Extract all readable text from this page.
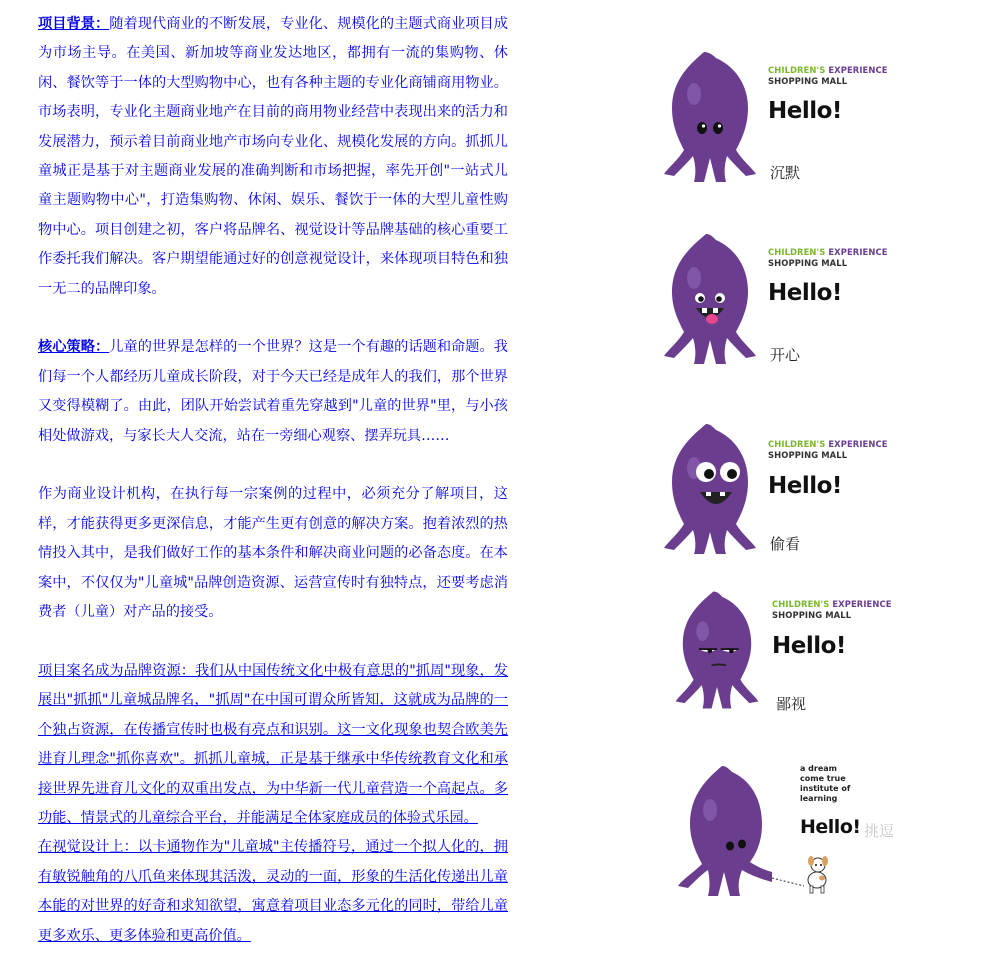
项目背景：随着现代商业的不断发展，专业化、规模化的主题式商业项目成为市场主导。在美国、新加坡等商业发达地区，都拥有一流的集购物、休闲、餐饮等于一体的大型购物中心，也有各种主题的专业化商铺商用物业。市场表明，专业化主题商业地产在目前的商用物业经营中表现出来的活力和发展潜力，预示着目前商业地产市场向专业化、规模化发展的方向。抓抓儿童城正是基于对主题商业发展的准确判断和市场把握，率先开创"一站式儿童主题购物中心"，打造集购物、休闲、娱乐、餐饮于一体的大型儿童性购物中心。项目创建之初，客户将品牌名、视觉设计等品牌基础的核心重要工作委托我们解决。客户期望能通过好的创意视觉设计，来体现项目特色和独一无二的品牌印象。

核心策略：儿童的世界是怎样的一个世界？这是一个有趣的话题和命题。我们每一个人都经历儿童成长阶段，对于今天已经是成年人的我们，那个世界又变得模糊了。由此，团队开始尝试着重先穿越到"儿童的世界"里，与小孩相处做游戏，与家长大人交流，站在一旁细心观察、摆弄玩具……

作为商业设计机构，在执行每一宗案例的过程中，必须充分了解项目，这样，才能获得更多更深信息，才能产生更有创意的解决方案。抱着浓烈的热情投入其中，是我们做好工作的基本条件和解决商业问题的必备态度。在本案中，不仅仅为"儿童城"品牌创造资源、运营宣传时有独特点，还要考虑消费者（儿童）对产品的接受。

项目案名成为品牌资源：我们从中国传统文化中极有意思的"抓周"现象，发展出"抓抓"儿童城品牌名，"抓周"在中国可谓众所皆知，这就成为品牌的一个独占资源，在传播宣传时也极有亮点和识别。这一文化现象也契合欧美先进育儿理念"抓你喜欢"。抓抓儿童城，正是基于继承中华传统教育文化和承接世界先进育儿文化的双重出发点，为中华新一代儿童营造一个高起点。多功能、情景式的儿童综合平台，并能满足全体家庭成员的体验式乐园。

在视觉设计上：以卡通物作为"儿童城"主传播符号，通过一个拟人化的，拥有敏锐触角的八爪鱼来体现其活泼，灵动的一面，形象的生活化传递出儿童本能的对世界的好奇和求知欲望，寓意着项目业态多元化的同时，带给儿童更多欢乐、更多体验和更高价值。

CHILDREN'S EXPERIENCE
SHOPPING MALL
Hello!
沉默
CHILDREN'S EXPERIENCE
SHOPPING MALL
Hello!
开心
CHILDREN'S EXPERIENCE
SHOPPING MALL
Hello!
偷看
CHILDREN'S EXPERIENCE
SHOPPING MALL
Hello!
鄙视
a dream
come true
institute of
learning
Hello! 挑逗
